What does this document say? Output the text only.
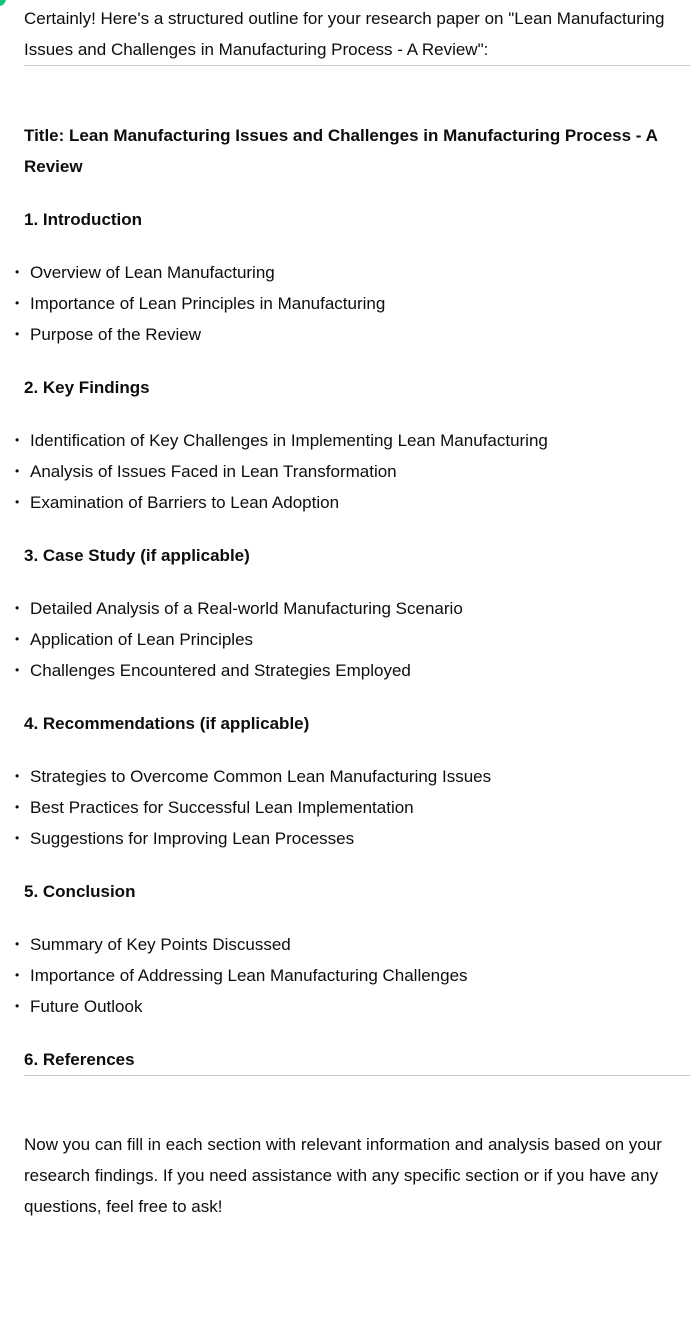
Certainly! Here's a structured outline for your research paper on "Lean Manufacturing Issues and Challenges in Manufacturing Process - A Review":

Title: Lean Manufacturing Issues and Challenges in Manufacturing Process - A Review

1. Introduction

• Overview of Lean Manufacturing
• Importance of Lean Principles in Manufacturing
• Purpose of the Review

2. Key Findings

• Identification of Key Challenges in Implementing Lean Manufacturing
• Analysis of Issues Faced in Lean Transformation
• Examination of Barriers to Lean Adoption

3. Case Study (if applicable)

• Detailed Analysis of a Real-world Manufacturing Scenario
• Application of Lean Principles
• Challenges Encountered and Strategies Employed

4. Recommendations (if applicable)

• Strategies to Overcome Common Lean Manufacturing Issues
• Best Practices for Successful Lean Implementation
• Suggestions for Improving Lean Processes

5. Conclusion

• Summary of Key Points Discussed
• Importance of Addressing Lean Manufacturing Challenges
• Future Outlook

6. References

Now you can fill in each section with relevant information and analysis based on your research findings. If you need assistance with any specific section or if you have any questions, feel free to ask!
